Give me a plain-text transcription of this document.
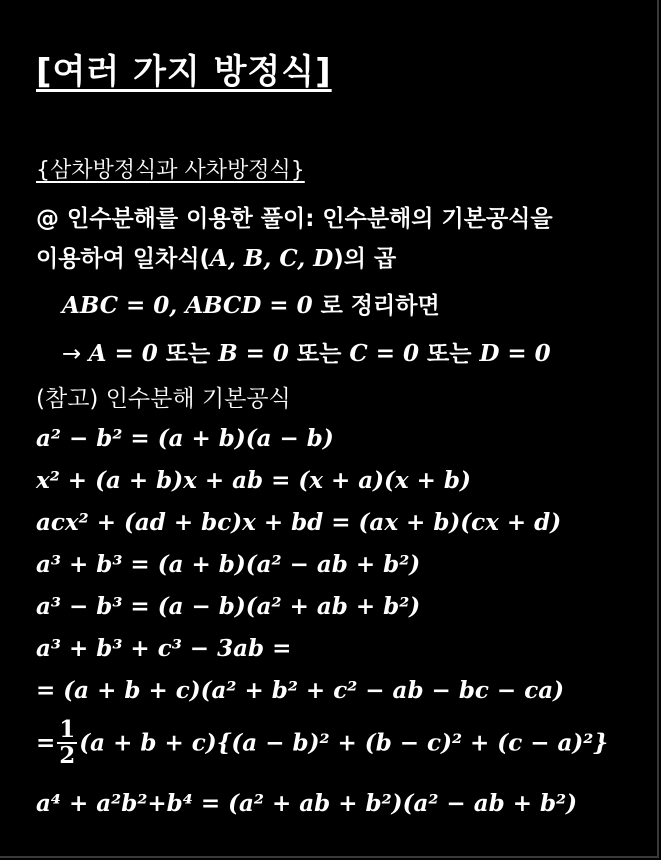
[여러 가지 방정식]
{삼차방정식과 사차방정식}
@ 인수분해를 이용한 풀이: 인수분해의 기본공식을
이용하여 일차식(A, B, C, D)의 곱
ABC = 0, ABCD = 0 로 정리하면
→ A = 0 또는 B = 0 또는 C = 0 또는 D = 0
(참고) 인수분해 기본공식
a² − b² = (a + b)(a − b)
x² + (a + b)x + ab = (x + a)(x + b)
acx² + (ad + bc)x + bd = (ax + b)(cx + d)
a³ + b³ = (a + b)(a² − ab + b²)
a³ − b³ = (a − b)(a² + ab + b²)
a³ + b³ + c³ − 3ab =
= (a + b + c)(a² + b² + c² − ab − bc − ca)
= $\frac{1}{2} (a + b + c)\{(a - b)^2 + (b - c)^2 + (c - a)^2\}$
a⁴ + a²b²+b⁴ = (a² + ab + b²)(a² − ab + b²)
